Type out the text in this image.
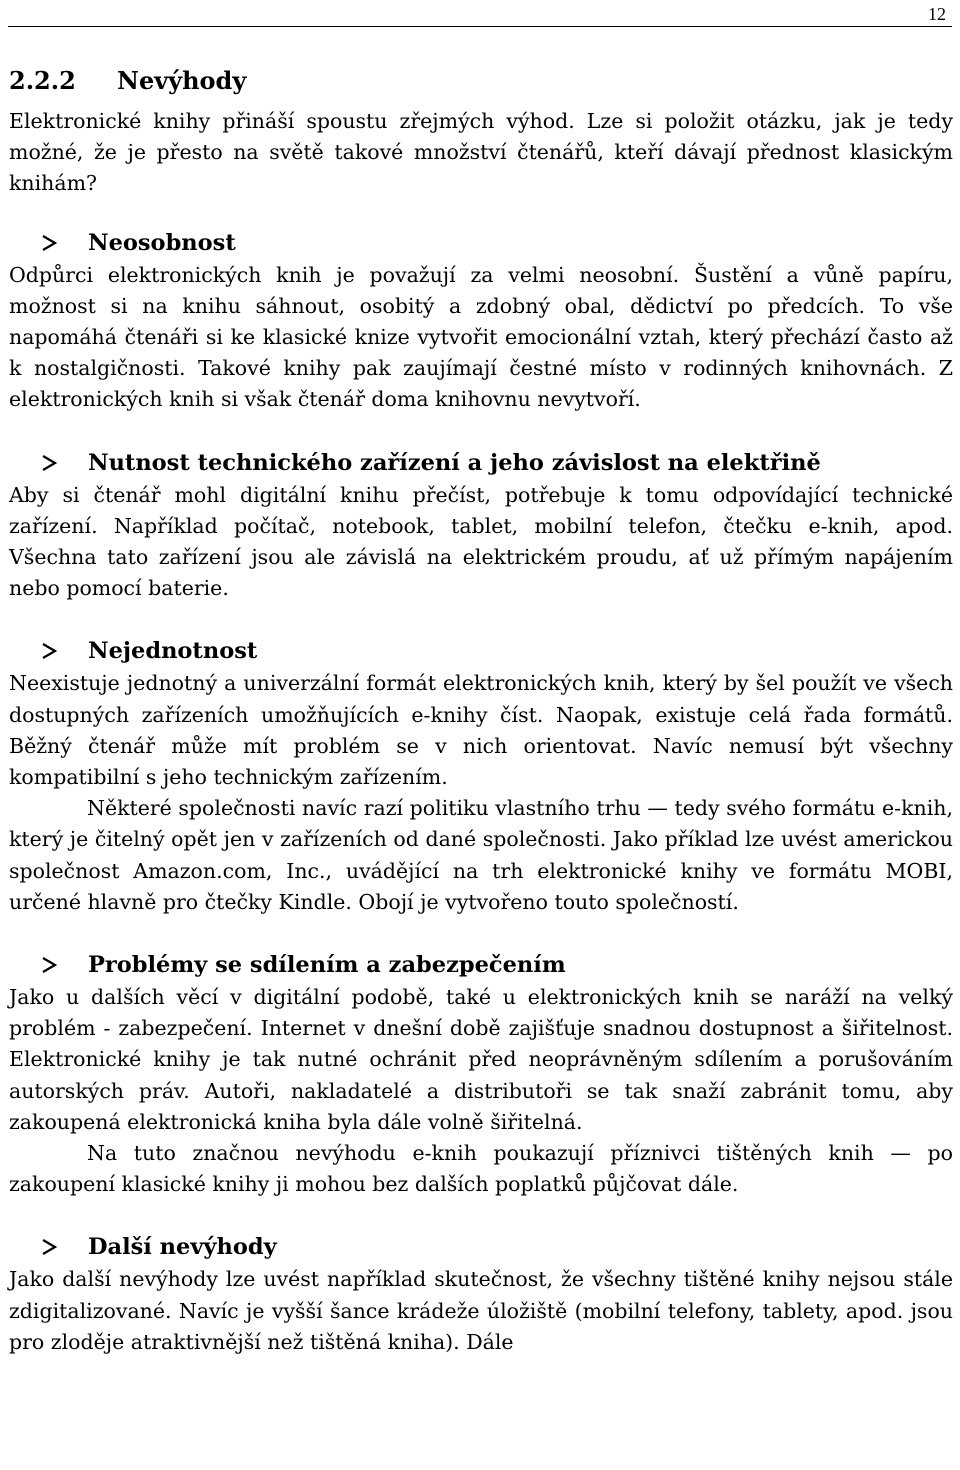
12
2.2.2 Nevýhody

Elektronické knihy přináší spoustu zřejmých výhod. Lze si položit otázku, jak je tedy možné, že je přesto na světě takové množství čtenářů, kteří dávají přednost klasickým knihám?

Neosobnost

Odpůrci elektronických knih je považují za velmi neosobní. Šustění a vůně papíru, možnost si na knihu sáhnout, osobitý a zdobný obal, dědictví po předcích. To vše napomáhá čtenáři si ke klasické knize vytvořit emocionální vztah, který přechází často až k nostalgičnosti. Takové knihy pak zaujímají čestné místo v rodinných knihovnách. Z elektronických knih si však čtenář doma knihovnu nevytvoří.

Nutnost technického zařízení a jeho závislost na elektřině

Aby si čtenář mohl digitální knihu přečíst, potřebuje k tomu odpovídající technické zařízení. Například počítač, notebook, tablet, mobilní telefon, čtečku e-knih, apod. Všechna tato zařízení jsou ale závislá na elektrickém proudu, ať už přímým napájením nebo pomocí baterie.

Nejednotnost

Neexistuje jednotný a univerzální formát elektronických knih, který by šel použít ve všech dostupných zařízeních umožňujících e-knihy číst. Naopak, existuje celá řada formátů. Běžný čtenář může mít problém se v nich orientovat. Navíc nemusí být všechny kompatibilní s jeho technickým zařízením.

Některé společnosti navíc razí politiku vlastního trhu — tedy svého formátu e-knih, který je čitelný opět jen v zařízeních od dané společnosti. Jako příklad lze uvést americkou společnost Amazon.com, Inc., uvádějící na trh elektronické knihy ve formátu MOBI, určené hlavně pro čtečky Kindle. Obojí je vytvořeno touto společností.

Problémy se sdílením a zabezpečením

Jako u dalších věcí v digitální podobě, také u elektronických knih se naráží na velký problém - zabezpečení. Internet v dnešní době zajišťuje snadnou dostupnost a šiřitelnost. Elektronické knihy je tak nutné ochránit před neoprávněným sdílením a porušováním autorských práv. Autoři, nakladatelé a distributoři se tak snaží zabránit tomu, aby zakoupená elektronická kniha byla dále volně šiřitelná.

Na tuto značnou nevýhodu e-knih poukazují příznivci tištěných knih — po zakoupení klasické knihy ji mohou bez dalších poplatků půjčovat dále.

Další nevýhody

Jako další nevýhody lze uvést například skutečnost, že všechny tištěné knihy nejsou stále zdigitalizované. Navíc je vyšší šance krádeže úložiště (mobilní telefony, tablety, apod. jsou pro zloděje atraktivnější než tištěná kniha). Dále
